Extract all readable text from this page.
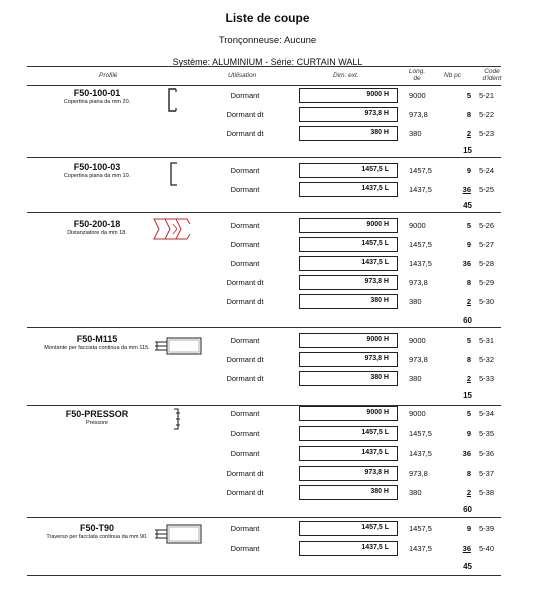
Liste de coupe
Tronçonneuse: Aucune
Système: ALUMINIUM - Série: CURTAIN WALL
Profilé	Utilisation	Dim. ext.
Long.
de	Nb pc
Code
d'ident
F50-100-01
Copertina piana da mm 20.
Dormant	9000 H	9000	5 5-21
Dormant dt	973,8 H	973,8	8 5-22
Dormant dt	380 H	380	2 5-23
15
F50-100-03
Copertina piana da mm 10.
Dormant	1457,5 L	1457,5	9 5-24
Dormant	1437,5 L	1437,5	36 5-25
45
F50-200-18
Distanziatore da mm 18.
Dormant	9000 H	9000	5 5-26
Dormant	1457,5 L	1457,5	9 5-27
Dormant	1437,5 L	1437,5	36 5-28
Dormant dt	973,8 H	973,8	8 5-29
Dormant dt	380 H	380	2 5-30
60
F50-M115
Montante per facciata continua da mm 115.
Dormant	9000 H	9000	5 5-31
Dormant dt	973,8 H	973,8	8 5-32
Dormant dt	380 H	380	2 5-33
15
F50-PRESSOR
Pressore
Dormant	9000 H	9000	5 5-34
Dormant	1457,5 L	1457,5	9 5-35
Dormant	1437,5 L	1437,5	36 5-36
Dormant dt	973,8 H	973,8	8 5-37
Dormant dt	380 H	380	2 5-38
60
F50-T90
Traverso per facciata continua da mm 90.
Dormant	1457,5 L	1457,5	9 5-39
Dormant	1437,5 L	1437,5	36 5-40
45
